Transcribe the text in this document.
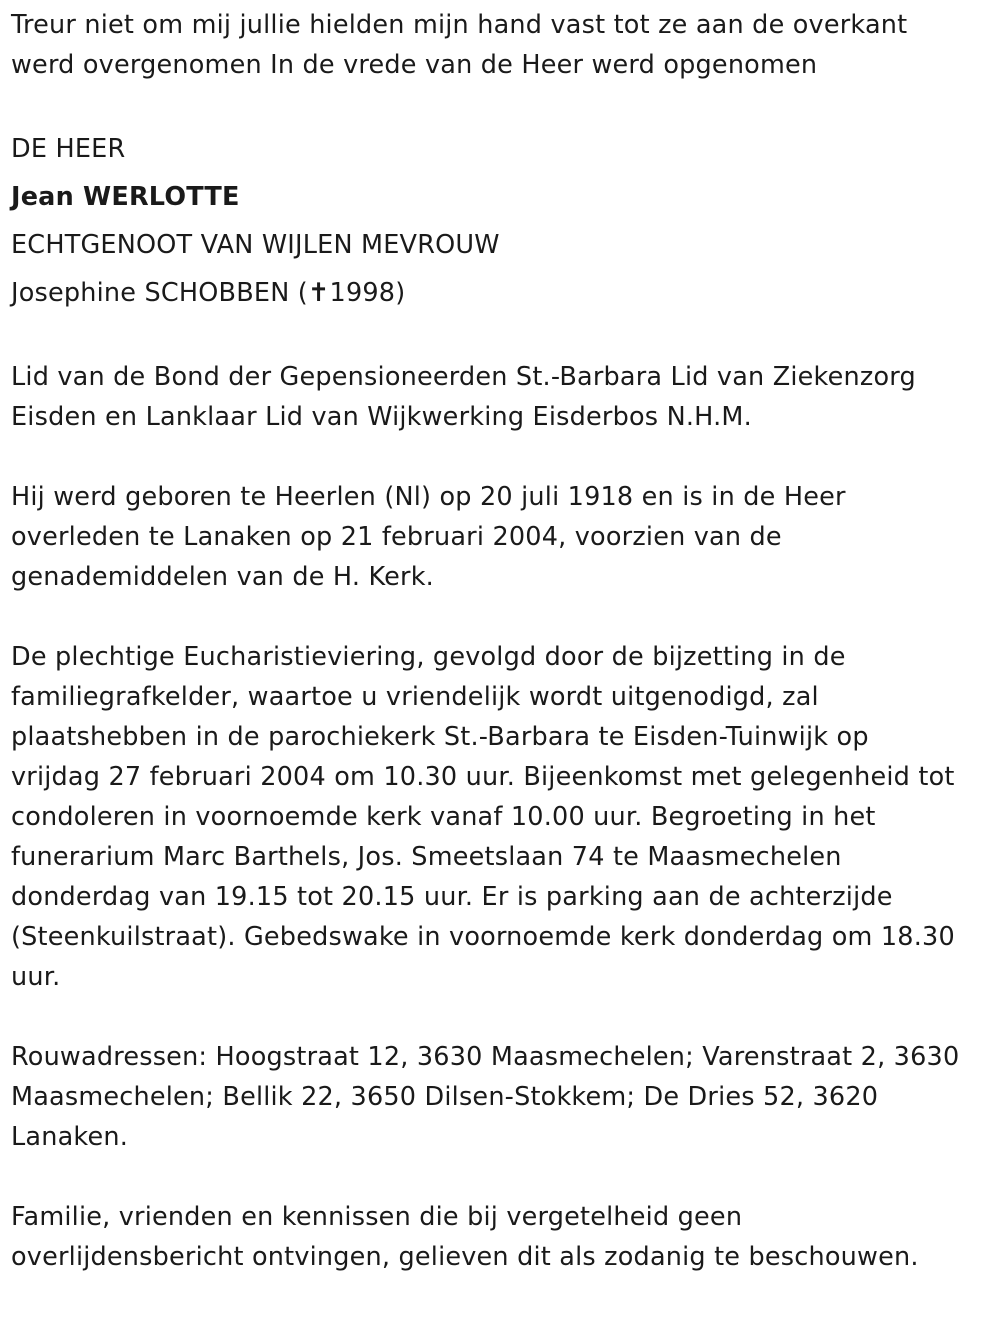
Treur niet om mij jullie hielden mijn hand vast tot ze aan de overkant
werd overgenomen In de vrede van de Heer werd opgenomen
DE HEER
Jean WERLOTTE
ECHTGENOOT VAN WIJLEN MEVROUW
Josephine SCHOBBEN (✝1998)
Lid van de Bond der Gepensioneerden St.-Barbara Lid van Ziekenzorg
Eisden en Lanklaar Lid van Wijkwerking Eisderbos N.H.M.
Hij werd geboren te Heerlen (Nl) op 20 juli 1918 en is in de Heer
overleden te Lanaken op 21 februari 2004, voorzien van de
genademiddelen van de H. Kerk.
De plechtige Eucharistieviering, gevolgd door de bijzetting in de
familiegrafkelder, waartoe u vriendelijk wordt uitgenodigd, zal
plaatshebben in de parochiekerk St.-Barbara te Eisden-Tuinwijk op
vrijdag 27 februari 2004 om 10.30 uur. Bijeenkomst met gelegenheid tot
condoleren in voornoemde kerk vanaf 10.00 uur. Begroeting in het
funerarium Marc Barthels, Jos. Smeetslaan 74 te Maasmechelen
donderdag van 19.15 tot 20.15 uur. Er is parking aan de achterzijde
(Steenkuilstraat). Gebedswake in voornoemde kerk donderdag om 18.30
uur.
Rouwadressen: Hoogstraat 12, 3630 Maasmechelen; Varenstraat 2, 3630
Maasmechelen; Bellik 22, 3650 Dilsen-Stokkem; De Dries 52, 3620
Lanaken.
Familie, vrienden en kennissen die bij vergetelheid geen
overlijdensbericht ontvingen, gelieven dit als zodanig te beschouwen.
